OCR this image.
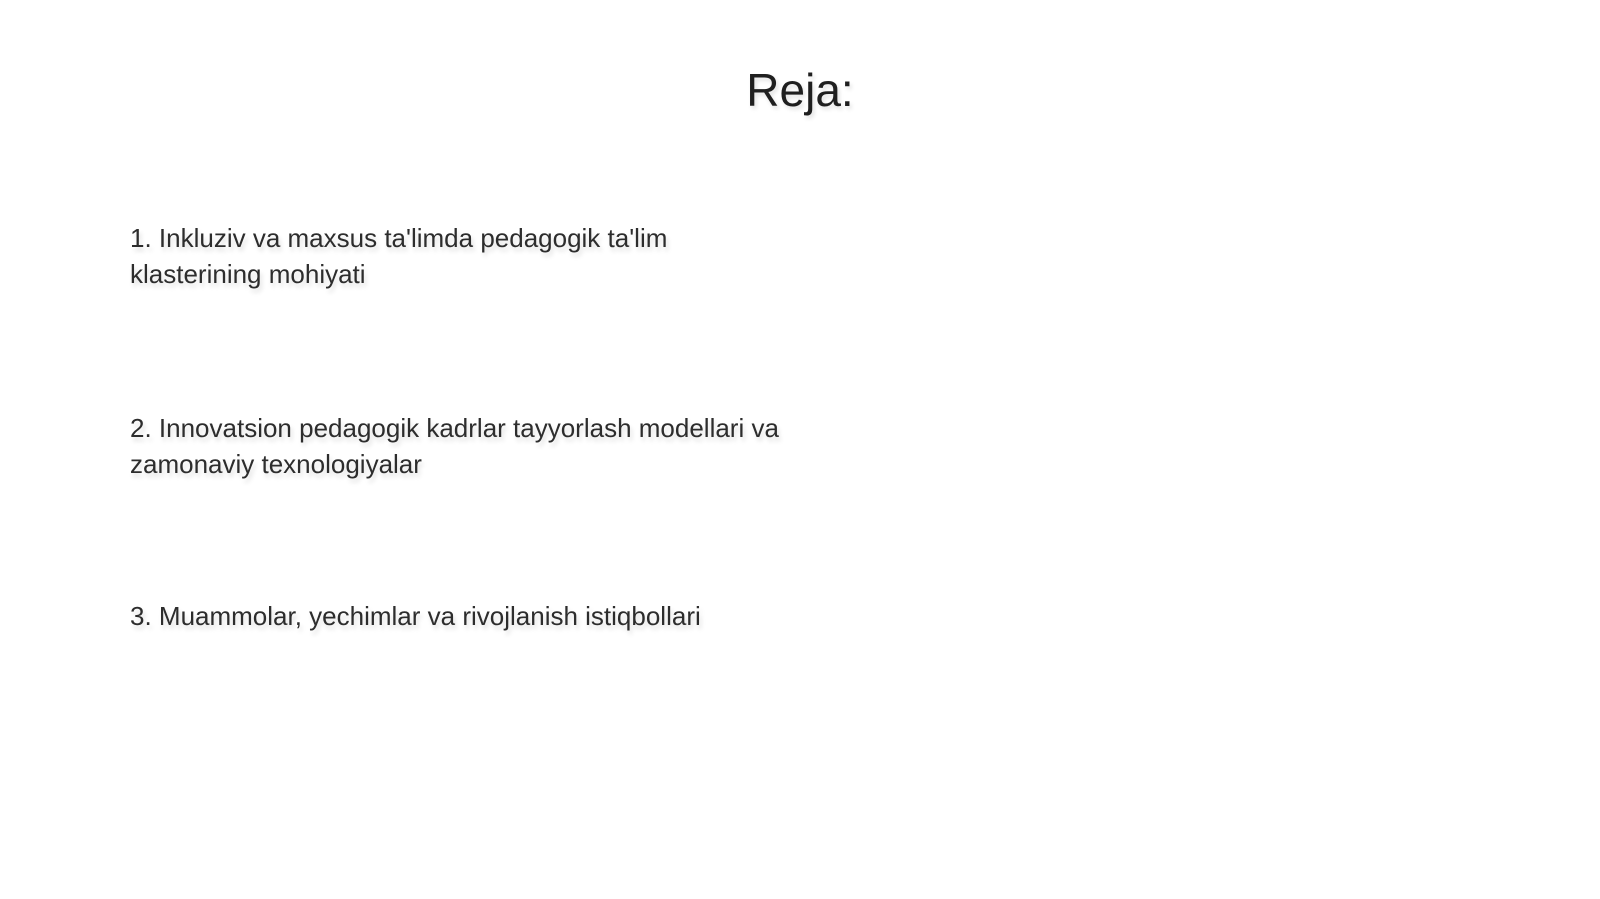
Reja:
1. Inkluziv va maxsus ta'limda pedagogik ta'lim
klasterining mohiyati
2. Innovatsion pedagogik kadrlar tayyorlash modellari va
zamonaviy texnologiyalar
3. Muammolar, yechimlar va rivojlanish istiqbollari
